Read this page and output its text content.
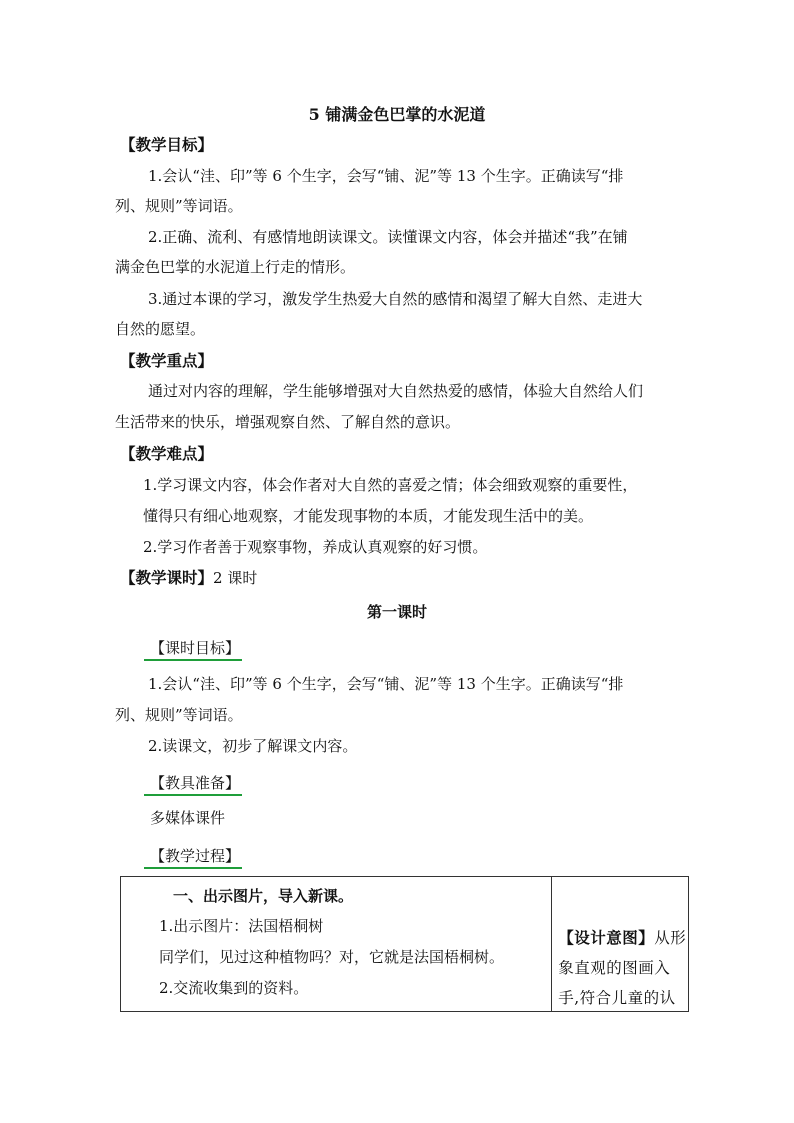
5 铺满金色巴掌的水泥道
【教学目标】
1.会认“洼、印”等 6 个生字，会写“铺、泥”等 13 个生字。正确读写“排
列、规则”等词语。
2.正确、流利、有感情地朗读课文。读懂课文内容，体会并描述“我”在铺
满金色巴掌的水泥道上行走的情形。
3.通过本课的学习，激发学生热爱大自然的感情和渴望了解大自然、走进大
自然的愿望。
【教学重点】
通过对内容的理解，学生能够增强对大自然热爱的感情，体验大自然给人们
生活带来的快乐，增强观察自然、了解自然的意识。
【教学难点】
1.学习课文内容，体会作者对大自然的喜爱之情；体会细致观察的重要性，
懂得只有细心地观察，才能发现事物的本质，才能发现生活中的美。
2.学习作者善于观察事物，养成认真观察的好习惯。
【教学课时】2 课时
第一课时
【课时目标】
1.会认“洼、印”等 6 个生字，会写“铺、泥”等 13 个生字。正确读写“排
列、规则”等词语。
2.读课文，初步了解课文内容。
【教具准备】
多媒体课件
【教学过程】
一、出示图片，导入新课。
1.出示图片：法国梧桐树
同学们，见过这种植物吗？对，它就是法国梧桐树。
2.交流收集到的资料。

【设计意图】从形
象直观的图画入
手,符合儿童的认
